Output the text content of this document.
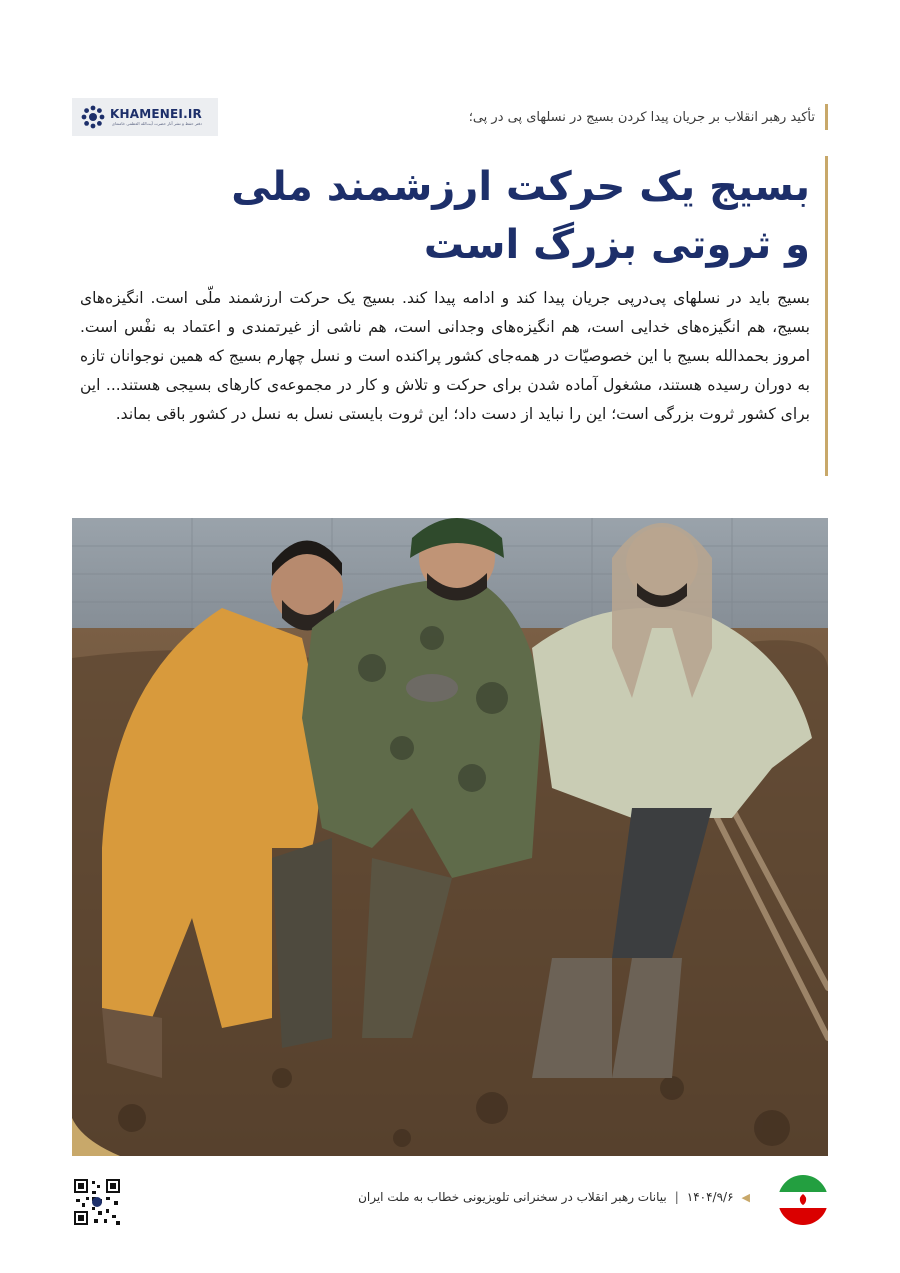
KHAMENEI.IR
دفتر حفظ و نشر آثار حضرت آیت‌الله العظمی خامنه‌ای	تأکید رهبر انقلاب بر جریان پیدا کردن بسیج در نسلهای پی در پی؛
بسیج یک حرکت ارزشمند ملی
و ثروتی بزرگ است

بسیج باید در نسلهای پی‌درپی جریان پیدا کند و ادامه پیدا کند. بسیج یک حرکت ارزشمند ملّی است. انگیزه‌های بسیج، هم انگیزه‌های خدایی است، هم انگیزه‌های وجدانی است، هم ناشی از غیرتمندی و اعتماد به نفْس است. امروز بحمدالله بسیج با این خصوصیّات در همه‌جای کشور پراکنده است و نسل چهارم بسیج که همین نوجوانان تازه به دوران رسیده هستند، مشغول آماده شدن برای حرکت و تلاش و کار در مجموعه‌ی کارهای بسیجی هستند... این برای کشور ثروت بزرگی است؛ این را نباید از دست داد؛ این ثروت بایستی نسل به نسل در کشور باقی بماند.

◀
۱۴۰۴/۹/۶
|
بیانات رهبر انقلاب در سخنرانی تلویزیونی خطاب به ملت ایران
